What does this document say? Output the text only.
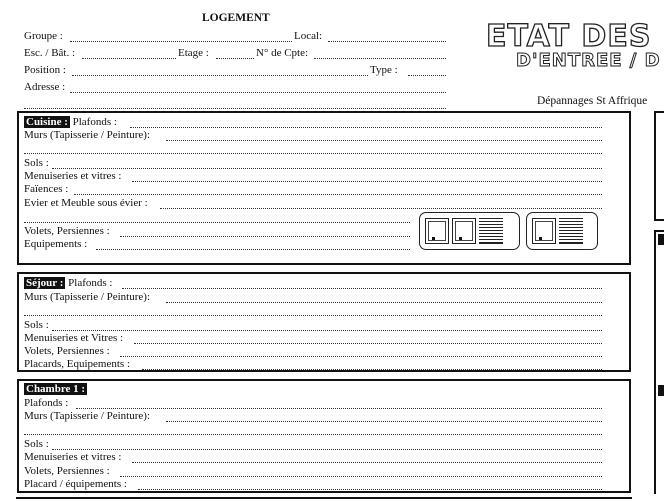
LOGEMENT
Groupe :	Local:
Esc. / Bât. :	Etage :	N° de Cpte:
Position :	Type :
Adresse :
ETAT DES
D'ENTREE / D
Dépannages St Affrique
Cuisine : Plafonds :
Murs (Tapisserie / Peinture):
Sols :
Menuiseries et vitres :
Faïences :
Evier et Meuble sous évier :
Volets, Persiennes :
Equipements :
Séjour : Plafonds :
Murs (Tapisserie / Peinture):
Sols :
Menuiseries et Vitres :
Volets, Persiennes :
Placards, Equipements :
Chambre 1 :
Plafonds :
Murs (Tapisserie / Peinture):
Sols :
Menuiseries et vitres :
Volets, Persiennes :
Placard / équipements :
